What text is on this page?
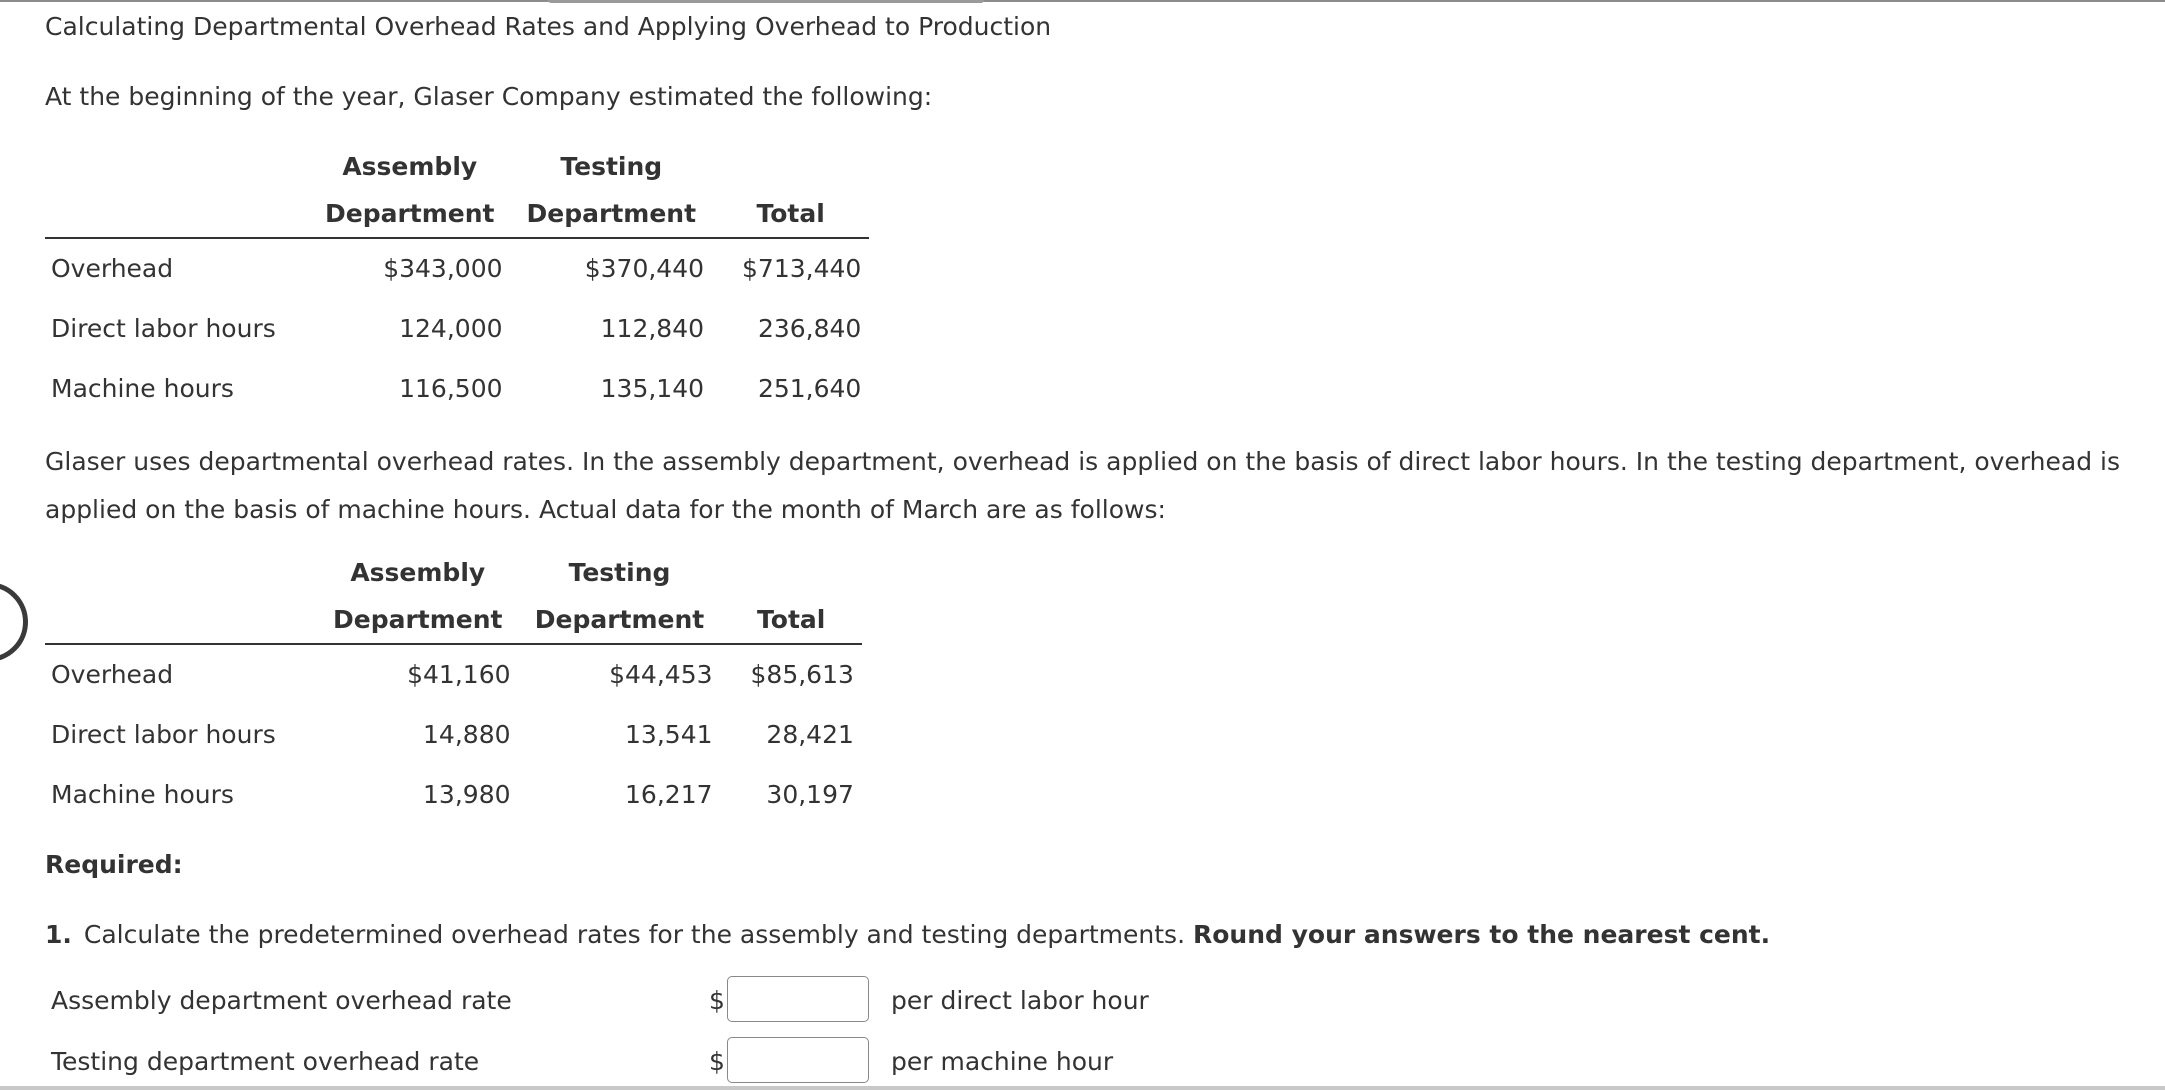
Calculating Departmental Overhead Rates and Applying Overhead to Production
At the beginning of the year, Glaser Company estimated the following:
	Assembly	Testing	
	Department	Department	Total
Overhead	$343,000	$370,440	$713,440
Direct labor hours	124,000	112,840	236,840
Machine hours	116,500	135,140	251,640
Glaser uses departmental overhead rates. In the assembly department, overhead is applied on the basis of direct labor hours. In the testing department, overhead is applied on the basis of machine hours. Actual data for the month of March are as follows:
	Assembly	Testing	
	Department	Department	Total
Overhead	$41,160	$44,453	$85,613
Direct labor hours	14,880	13,541	28,421
Machine hours	13,980	16,217	30,197
Required:
1. Calculate the predetermined overhead rates for the assembly and testing departments. Round your answers to the nearest cent.
Assembly department overhead rate	$	per direct labor hour
Testing department overhead rate	$	per machine hour
